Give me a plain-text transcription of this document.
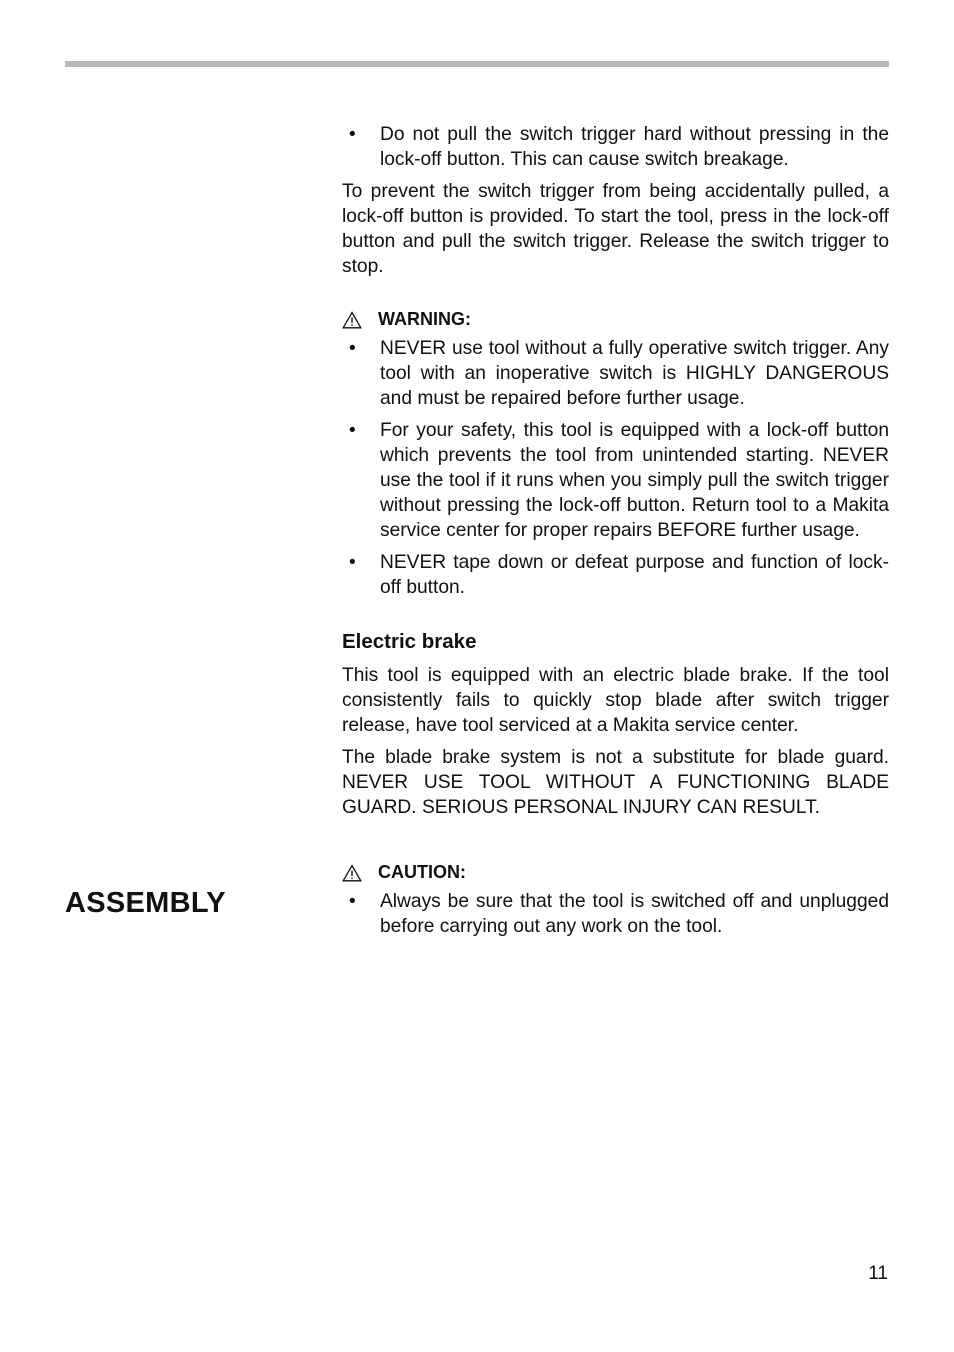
ASSEMBLY
• Do not pull the switch trigger hard without pressing in the lock-off button. This can cause switch breakage.
To prevent the switch trigger from being accidentally pulled, a lock-off button is provided. To start the tool, press in the lock-off button and pull the switch trigger. Release the switch trigger to stop.
WARNING:
• NEVER use tool without a fully operative switch trigger. Any tool with an inoperative switch is HIGHLY DANGEROUS and must be repaired before further usage.
• For your safety, this tool is equipped with a lock-off button which prevents the tool from unintended starting. NEVER use the tool if it runs when you simply pull the switch trigger without pressing the lock-off button. Return tool to a Makita service center for proper repairs BEFORE further usage.
• NEVER tape down or defeat purpose and function of lock-off button.
Electric brake
This tool is equipped with an electric blade brake. If the tool consistently fails to quickly stop blade after switch trigger release, have tool serviced at a Makita service center.
The blade brake system is not a substitute for blade guard. NEVER USE TOOL WITHOUT A FUNCTIONING BLADE GUARD. SERIOUS PERSONAL INJURY CAN RESULT.
CAUTION:
• Always be sure that the tool is switched off and unplugged before carrying out any work on the tool.
11
